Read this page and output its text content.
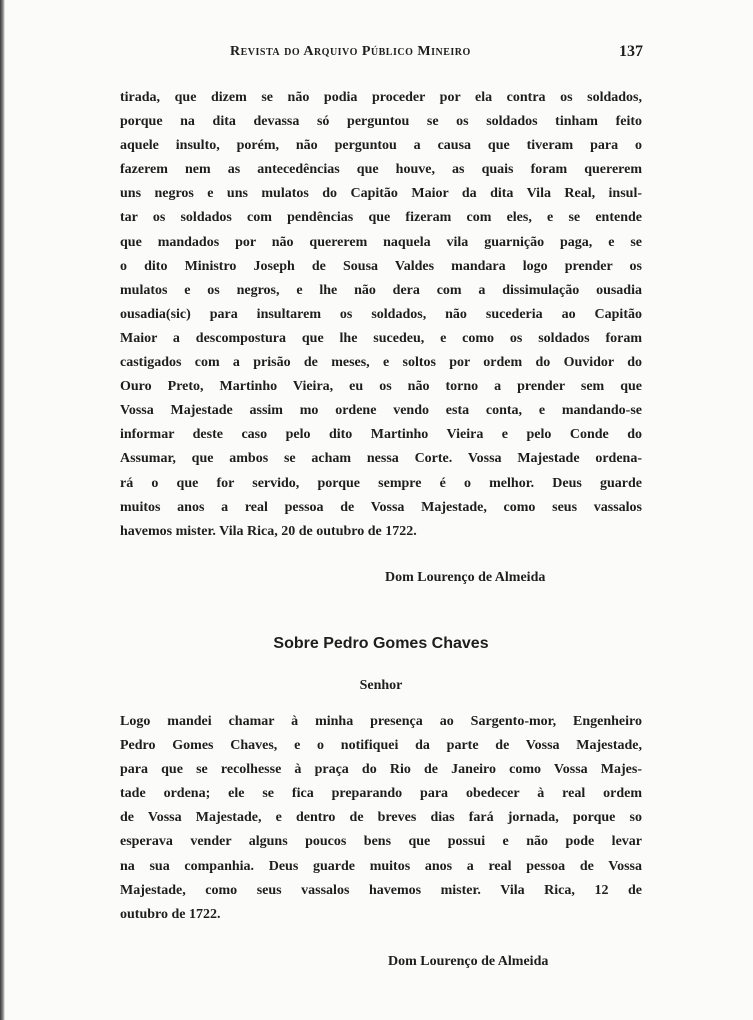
Revista do Arquivo Público Mineiro	137
tirada, que dizem se não podia proceder por ela contra os soldados,
porque na dita devassa só perguntou se os soldados tinham feito
aquele insulto, porém, não perguntou a causa que tiveram para o
fazerem nem as antecedências que houve, as quais foram quererem
uns negros e uns mulatos do Capitão Maior da dita Vila Real, insul-
tar os soldados com pendências que fizeram com eles, e se entende
que mandados por não quererem naquela vila guarnição paga, e se
o dito Ministro Joseph de Sousa Valdes mandara logo prender os
mulatos e os negros, e lhe não dera com a dissimulação ousadia
ousadia(sic) para insultarem os soldados, não sucederia ao Capitão
Maior a descompostura que lhe sucedeu, e como os soldados foram
castigados com a prisão de meses, e soltos por ordem do Ouvidor do
Ouro Preto, Martinho Vieira, eu os não torno a prender sem que
Vossa Majestade assim mo ordene vendo esta conta, e mandando-se
informar deste caso pelo dito Martinho Vieira e pelo Conde do
Assumar, que ambos se acham nessa Corte. Vossa Majestade ordena-
rá o que for servido, porque sempre é o melhor. Deus guarde
muitos anos a real pessoa de Vossa Majestade, como seus vassalos
havemos mister. Vila Rica, 20 de outubro de 1722.
Dom Lourenço de Almeida
Sobre Pedro Gomes Chaves
Senhor
Logo mandei chamar à minha presença ao Sargento-mor, Engenheiro
Pedro Gomes Chaves, e o notifiquei da parte de Vossa Majestade,
para que se recolhesse à praça do Rio de Janeiro como Vossa Majes-
tade ordena; ele se fica preparando para obedecer à real ordem
de Vossa Majestade, e dentro de breves dias fará jornada, porque so
esperava vender alguns poucos bens que possui e não pode levar
na sua companhia. Deus guarde muitos anos a real pessoa de Vossa
Majestade, como seus vassalos havemos mister. Vila Rica, 12 de
outubro de 1722.
Dom Lourenço de Almeida
